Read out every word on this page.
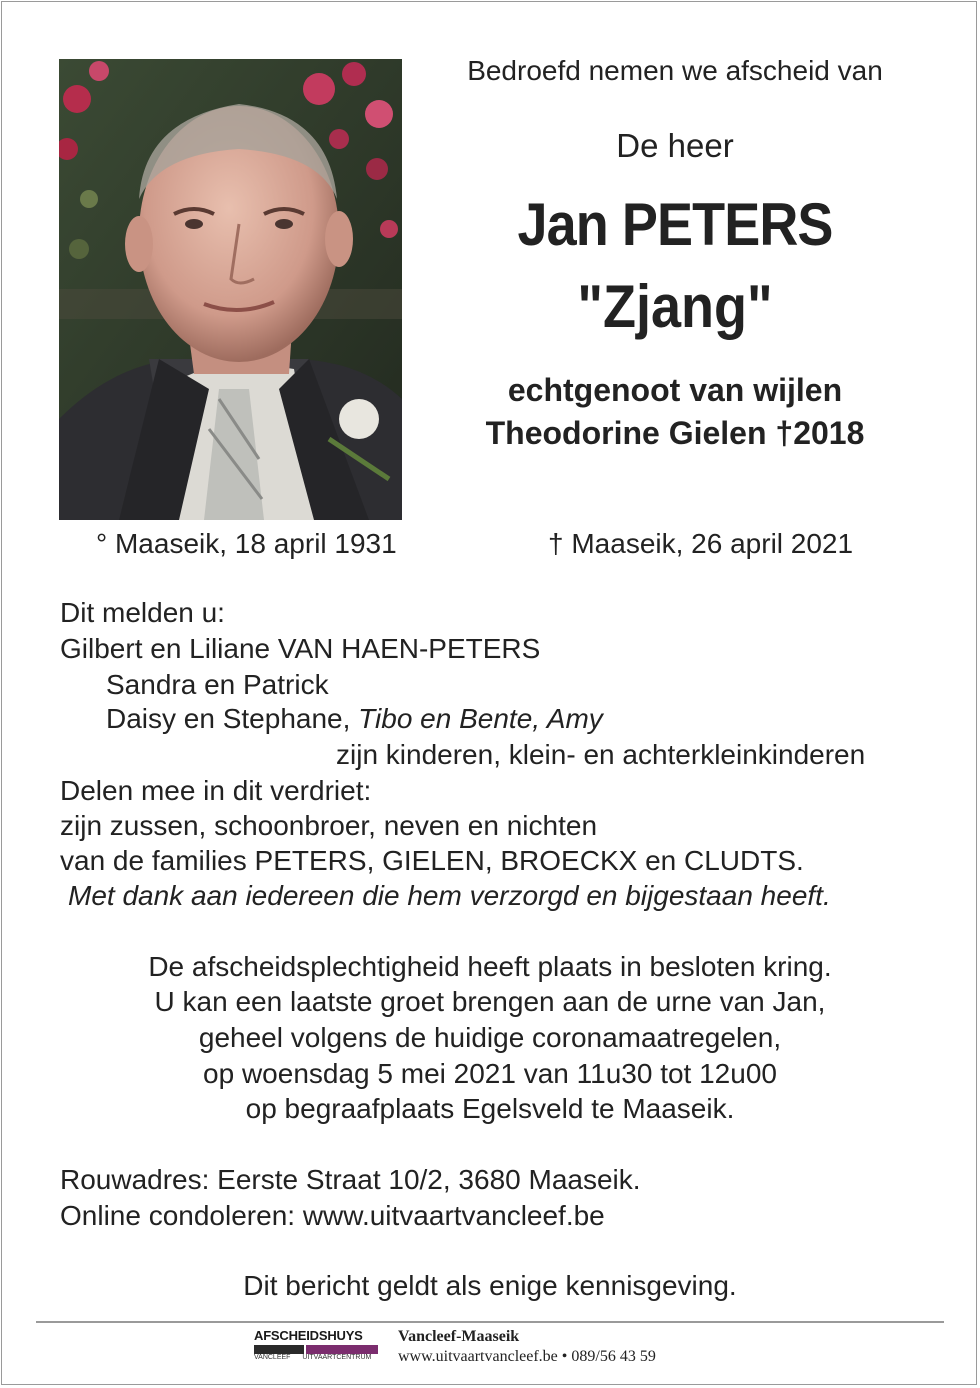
Bedroefd nemen we afscheid van
De heer
Jan PETERS
"Zjang"
echtgenoot van wijlen
Theodorine Gielen †2018
° Maaseik, 18 april 1931	† Maaseik, 26 april 2021
Dit melden u:
Gilbert en Liliane VAN HAEN-PETERS
Sandra en Patrick
Daisy en Stephane, Tibo en Bente, Amy
zijn kinderen, klein- en achterkleinkinderen
Delen mee in dit verdriet:
zijn zussen, schoonbroer, neven en nichten
van de families PETERS, GIELEN, BROECKX en CLUDTS.
Met dank aan iedereen die hem verzorgd en bijgestaan heeft.
De afscheidsplechtigheid heeft plaats in besloten kring.
U kan een laatste groet brengen aan de urne van Jan,
geheel volgens de huidige coronamaatregelen,
op woensdag 5 mei 2021 van 11u30 tot 12u00
op begraafplaats Egelsveld te Maaseik.
Rouwadres: Eerste Straat 10/2, 3680 Maaseik.
Online condoleren: www.uitvaartvancleef.be
Dit bericht geldt als enige kennisgeving.
AFSCHEIDSHUYS
VANCLEEF UITVAARTCENTRUM
Vancleef-Maaseik
www.uitvaartvancleef.be • 089/56 43 59
